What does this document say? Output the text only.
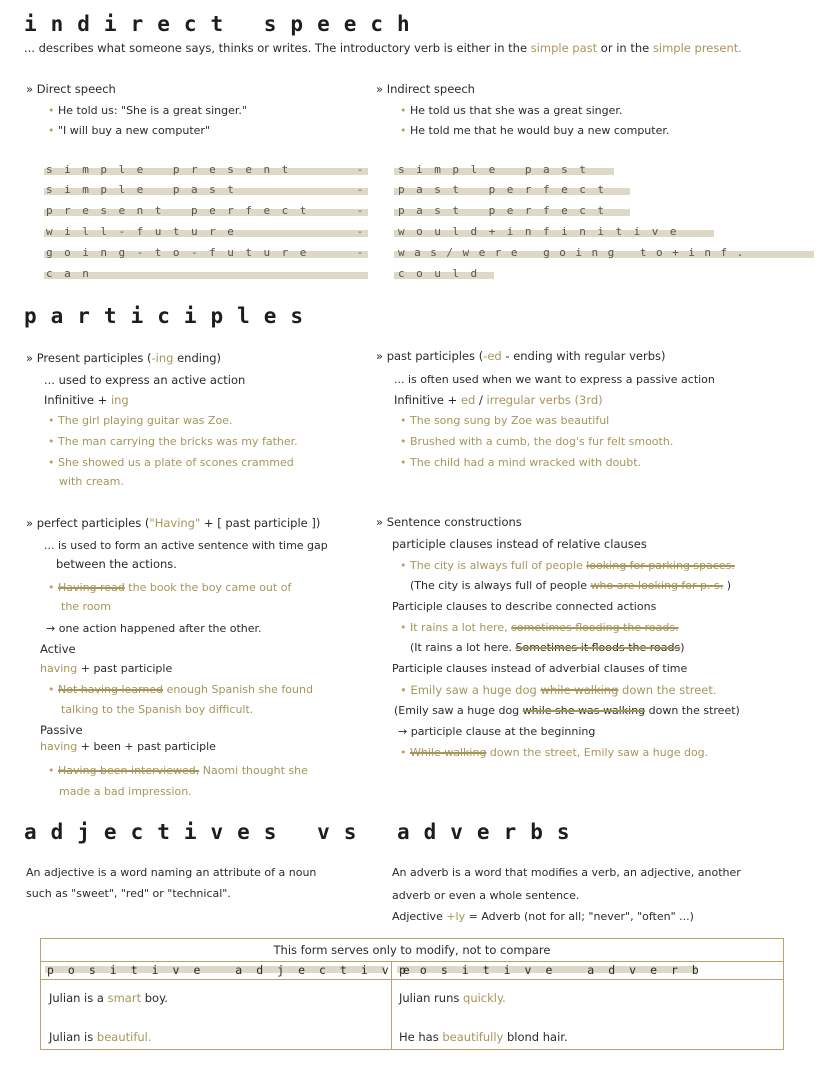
indirect speech
... describes what someone says, thinks or writes. The introductory verb is either in the simple past or in the simple present.
» Direct speech
• He told us: "She is a great singer."
• "I will buy a new computer"
» Indirect speech
• He told us that she was a great singer.
• He told me that he would buy a new computer.
simple present
simple past
present perfect
will-future
going-to-future
can
-
-
-
-
-
simple past
past perfect
past perfect
would+infinitive
was/were going to+inf.
could
participles
» Present participles (-ing ending)
... used to express an active action
Infinitive + ing
• The girl playing guitar was Zoe.
• The man carrying the bricks was my father.
• She showed us a plate of scones crammed
with cream.
» past participles (-ed - ending with regular verbs)
... is often used when we want to express a passive action
Infinitive + ed / irregular verbs (3rd)
• The song sung by Zoe was beautiful
• Brushed with a cumb, the dog's fur felt smooth.
• The child had a mind wracked with doubt.
» perfect participles ("Having" + [ past participle ])
... is used to form an active sentence with time gap
between the actions.
• Having read the book the boy came out of
the room
→ one action happened after the other.
Active
having + past participle
• Not having learned enough Spanish she found
talking to the Spanish boy difficult.
Passive
having + been + past participle
• Having been interviewed, Naomi thought she
made a bad impression.
» Sentence constructions
participle clauses instead of relative clauses
• The city is always full of people looking for parking spaces.
(The city is always full of people who are looking for p. s. )
Participle clauses to describe connected actions
• It rains a lot here, sometimes flooding the roads.
(It rains a lot here. Sometimes it floods the roads)
Participle clauses instead of adverbial clauses of time
• Emily saw a huge dog while walking down the street.
(Emily saw a huge dog while she was walking down the street)
→ participle clause at the beginning
• While walking down the street, Emily saw a huge dog.
adjectives vs adverbs
An adjective is a word naming an attribute of a noun
such as "sweet", "red" or "technical".
An adverb is a word that modifies a verb, an adjective, another
adverb or even a whole sentence.
Adjective +ly = Adverb (not for all; "never", "often" ...)
This form serves only to modify, not to compare
positive adjective
positive adverb
Julian is a smart boy.	Julian runs quickly.
Julian is beautiful.	He has beautifully blond hair.
